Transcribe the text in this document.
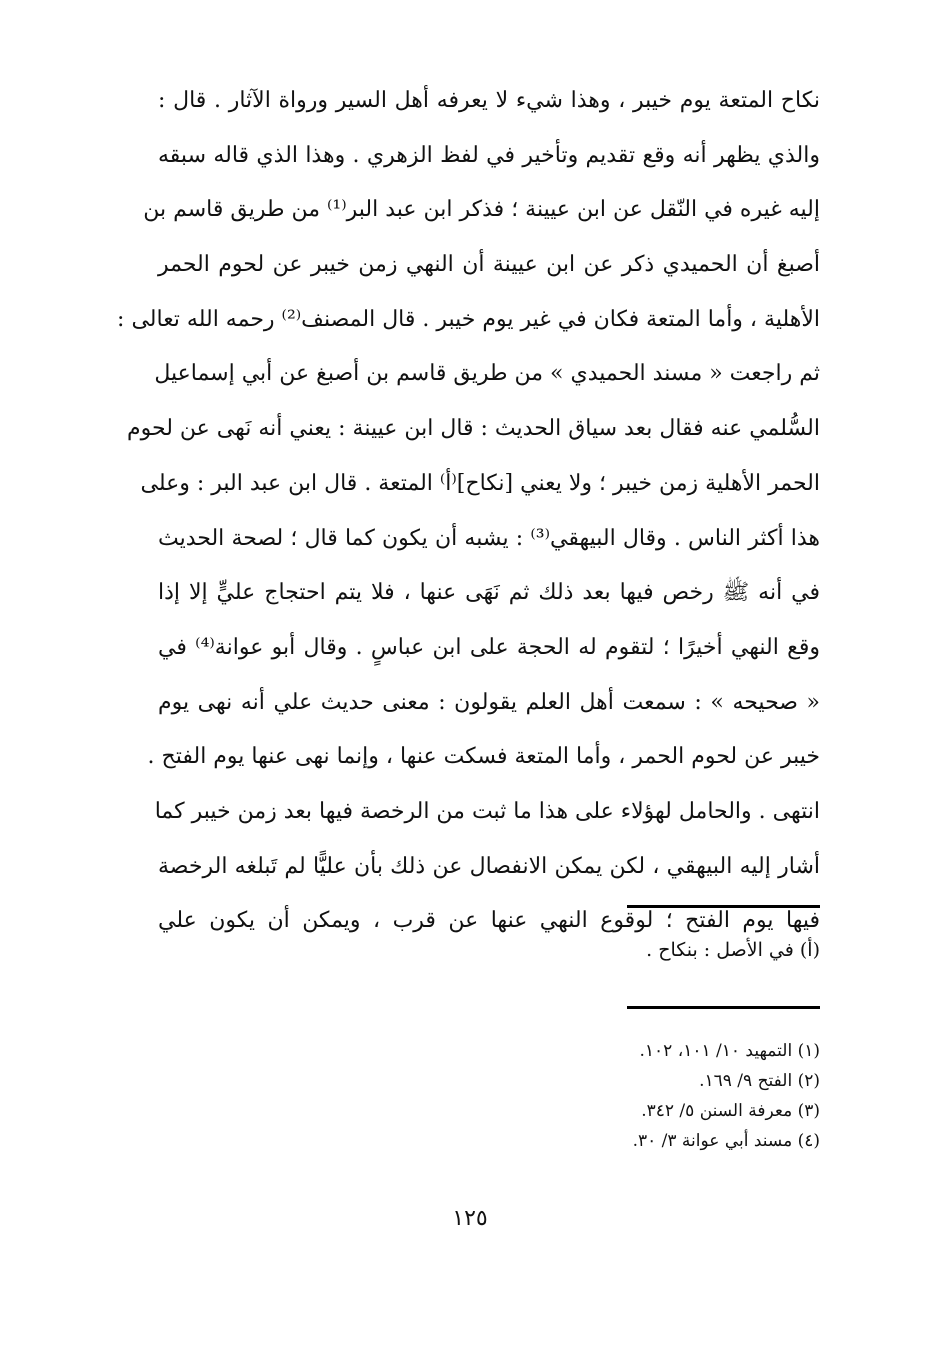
نكاح المتعة يوم خيبر ، وهذا شيء لا يعرفه أهل السير ورواة الآثار . قال :
والذي يظهر أنه وقع تقديم وتأخير في لفظ الزهري . وهذا الذي قاله سبقه
إليه غيره في النّقل عن ابن عيينة ؛ فذكر ابن عبد البر⁽¹⁾ من طريق قاسم بن
أصبغ أن الحميدي ذكر عن ابن عيينة أن النهي زمن خيبر عن لحوم الحمر
الأهلية ، وأما المتعة فكان في غير يوم خيبر . قال المصنف⁽²⁾ رحمه الله تعالى :
ثم راجعت « مسند الحميدي » من طريق قاسم بن أصبغ عن أبي إسماعيل
السُّلمي عنه فقال بعد سياق الحديث : قال ابن عيينة : يعني أنه نَهى عن لحوم
الحمر الأهلية زمن خيبر ؛ ولا يعني [نكاح]⁽أ⁾ المتعة . قال ابن عبد البر : وعلى
هذا أكثر الناس . وقال البيهقي⁽³⁾ : يشبه أن يكون كما قال ؛ لصحة الحديث
في أنه ﷺ رخص فيها بعد ذلك ثم نَهَى عنها ، فلا يتم احتجاج عليٍّ إلا إذا
وقع النهي أخيرًا ؛ لتقوم له الحجة على ابن عباسٍ . وقال أبو عوانة⁽⁴⁾ في
« صحيحه » : سمعت أهل العلم يقولون : معنى حديث علي أنه نهى يوم
خيبر عن لحوم الحمر ، وأما المتعة فسكت عنها ، وإنما نهى عنها يوم الفتح .
انتهى . والحامل لهؤلاء على هذا ما ثبت من الرخصة فيها بعد زمن خيبر كما
أشار إليه البيهقي ، لكن يمكن الانفصال عن ذلك بأن عليًّا لم تَبلغه الرخصة
فيها يوم الفتح ؛ لوقوع النهي عنها عن قرب ، ويمكن أن يكون علي
(أ) في الأصل : بنكاح .
(١) التمهيد ١٠/ ١٠١، ١٠٢.
(٢) الفتح ٩/ ١٦٩.
(٣) معرفة السنن ٥/ ٣٤٢.
(٤) مسند أبي عوانة ٣/ ٣٠.
١٢٥
